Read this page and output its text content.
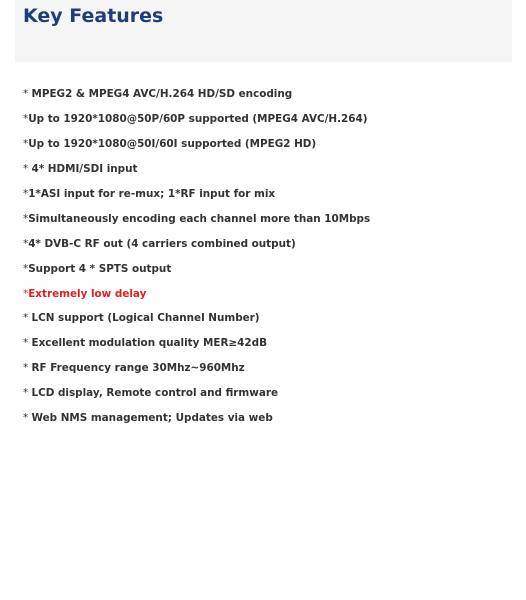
Key Features
* MPEG2 & MPEG4 AVC/H.264 HD/SD encoding
*Up to 1920*1080@50P/60P supported (MPEG4 AVC/H.264)
*Up to 1920*1080@50I/60I supported (MPEG2 HD)
* 4* HDMI/SDI input
*1*ASI input for re-mux; 1*RF input for mix
*Simultaneously encoding each channel more than 10Mbps
*4* DVB-C RF out (4 carriers combined output)
*Support 4 * SPTS output
*Extremely low delay
* LCN support (Logical Channel Number)
* Excellent modulation quality MER≥42dB
* RF Frequency range 30Mhz~960Mhz
* LCD display, Remote control and firmware
* Web NMS management; Updates via web
